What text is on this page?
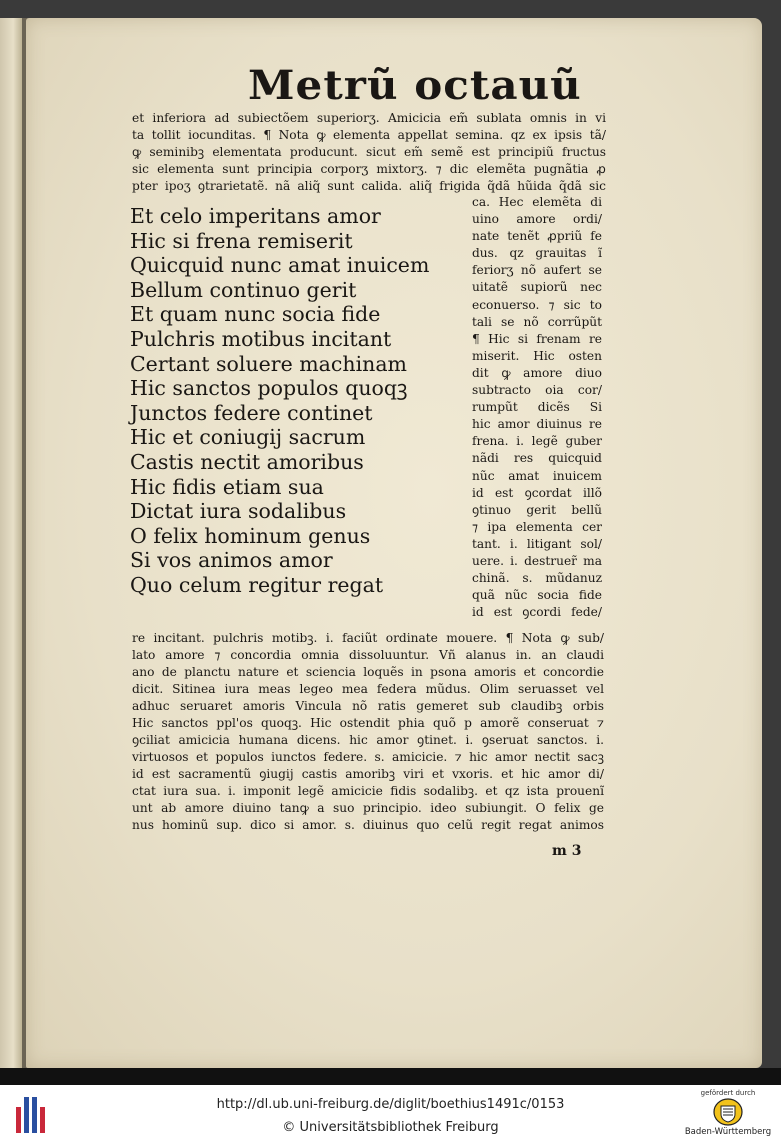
Metrũ octauũ
et inferiora ad subiectõem superiorʒ. Amicicia em̃ sublata omnis in vi
ta tollit iocunditas. ¶ Nota ꝙ elementa appellat semina. qz ex ipsis tã/
ꝙ seminibꝫ elementata producunt. sicut em̃ semẽ est principiũ fructus
sic elementa sunt principia corporʒ mixtorʒ. ⁊ dic elemẽta pugnãtia ꝓ
pter ipoʒ ꝯtrarietatẽ. nã aliq̃ sunt calida. aliq̃ frigida q̃dã hũida q̃dã sic
Et celo imperitans amor
Hic si frena remiserit
Quicquid nunc amat inuicem
Bellum continuo gerit
Et quam nunc socia fide
Pulchris motibus incitant
Certant soluere machinam
Hic sanctos populos quoqꝫ
Junctos federe continet
Hic et coniugij sacrum
Castis nectit amoribus
Hic fidis etiam sua
Dictat iura sodalibus
O felix hominum genus
Si vos animos amor
Quo celum regitur regat
ca. Hec elemẽta di
uino amore ordi/
nate tenẽt ꝓpriũ fe
dus. qz grauitas ĩ
feriorʒ nõ aufert se
uitatẽ supiorũ nec
econuerso. ⁊ sic to
tali se nõ corrũpũt
¶ Hic si frenam re
miserit. Hic osten
dit ꝙ amore diuo
subtracto oia cor/
rumpũt dicẽs Si
hic amor diuinus re
frena. i. legẽ guber
nãdi res quicquid
nũc amat inuicem
id est ꝯcordat illõ
ꝯtinuo gerit bellũ
⁊ ipa elementa cer
tant. i. litigant sol/
uere. i. destruer̃ ma
chinã. s. mũdanuz
quã nũc socia fide
id est ꝯcordi fede/
re incitant. pulchris motibꝫ. i. faciũt ordinate mouere. ¶ Nota ꝙ sub/
lato amore ⁊ concordia omnia dissoluuntur. Vñ alanus in. an claudi
ano de planctu nature et sciencia loquẽs in psona amoris et concordie
dicit. Sitinea iura meas legeo mea federa mũdus. Olim seruasset vel
adhuc seruaret amoris Vincula nõ ratis gemeret sub claudibꝫ orbis
Hic sanctos ppl'os quoqꝫ. Hic ostendit phia quõ p amorẽ conseruat ⁊
ꝯciliat amicicia humana dicens. hic amor ꝯtinet. i. ꝯseruat sanctos. i.
virtuosos et populos iunctos federe. s. amicicie. ⁊ hic amor nectit sacꝫ
id est sacramentũ ꝯiugij castis amoribꝫ viri et vxoris. et hic amor di/
ctat iura sua. i. imponit legẽ amicicie fidis sodalibꝫ. et qz ista prouenĩ
unt ab amore diuino tanꝙ a suo principio. ideo subiungit. O felix ge
nus hominũ sup. dico si amor. s. diuinus quo celũ regit regat animos
m 3
http://dl.ub.uni-freiburg.de/diglit/boethius1491c/0153
© Universitätsbibliothek Freiburg
gefördert durch
Baden-Württemberg
